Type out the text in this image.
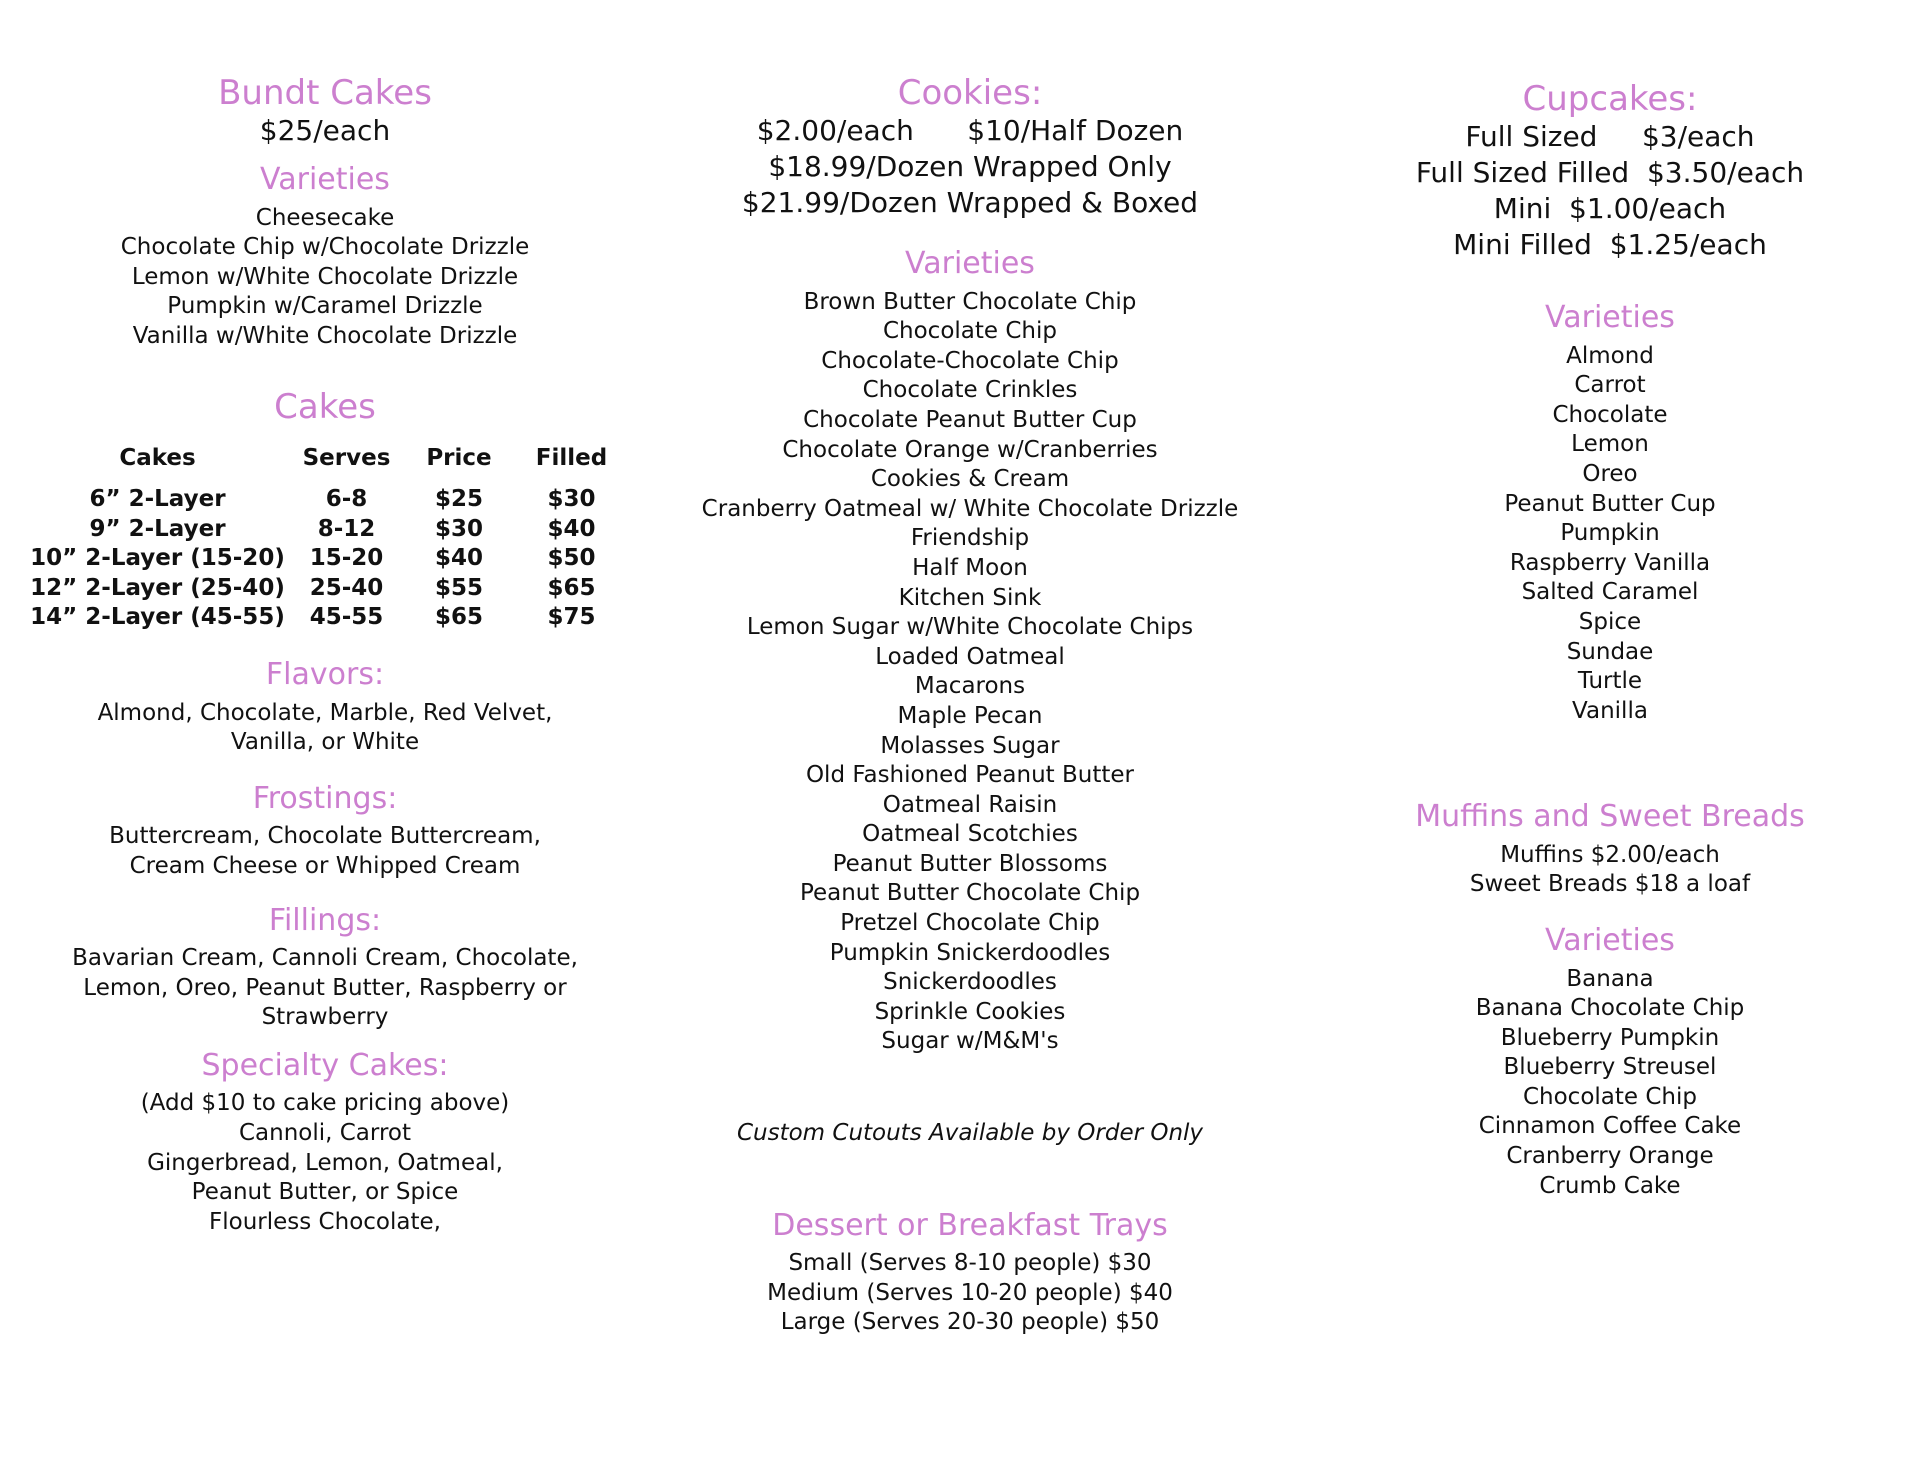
Bundt Cakes

$25/each

Varieties

Cheesecake

Chocolate Chip w/Chocolate Drizzle

Lemon w/White Chocolate Drizzle

Pumpkin w/Caramel Drizzle

Vanilla w/White Chocolate Drizzle

Cakes
Cakes	Serves	Price	Filled
6” 2-Layer	6-8	$25	$30
9” 2-Layer	8-12	$30	$40
10” 2-Layer (15-20)	15-20	$40	$50
12” 2-Layer (25-40)	25-40	$55	$65
14” 2-Layer (45-55)	45-55	$65	$75
Flavors:

Almond, Chocolate, Marble, Red Velvet,

Vanilla, or White

Frostings:

Buttercream, Chocolate Buttercream,

Cream Cheese or Whipped Cream

Fillings:

Bavarian Cream, Cannoli Cream, Chocolate,

Lemon, Oreo, Peanut Butter, Raspberry or

Strawberry

Specialty Cakes:

(Add $10 to cake pricing above)

Cannoli, Carrot

Gingerbread, Lemon, Oatmeal,

Peanut Butter, or Spice

Flourless Chocolate,

Cookies:

$2.00/each      $10/Half Dozen

$18.99/Dozen Wrapped Only

$21.99/Dozen Wrapped & Boxed

Varieties

Brown Butter Chocolate Chip

Chocolate Chip

Chocolate-Chocolate Chip

Chocolate Crinkles

Chocolate Peanut Butter Cup

Chocolate Orange w/Cranberries

Cookies & Cream

Cranberry Oatmeal w/ White Chocolate Drizzle

Friendship

Half Moon

Kitchen Sink

Lemon Sugar w/White Chocolate Chips

Loaded Oatmeal

Macarons

Maple Pecan

Molasses Sugar

Old Fashioned Peanut Butter

Oatmeal Raisin

Oatmeal Scotchies

Peanut Butter Blossoms

Peanut Butter Chocolate Chip

Pretzel Chocolate Chip

Pumpkin Snickerdoodles

Snickerdoodles

Sprinkle Cookies

Sugar w/M&M's

Custom Cutouts Available by Order Only

Dessert or Breakfast Trays

Small (Serves 8-10 people) $30

Medium (Serves 10-20 people) $40

Large (Serves 20-30 people) $50

Cupcakes:

Full Sized     $3/each

Full Sized Filled  $3.50/each

Mini  $1.00/each

Mini Filled  $1.25/each

Varieties

Almond

Carrot

Chocolate

Lemon

Oreo

Peanut Butter Cup

Pumpkin

Raspberry Vanilla

Salted Caramel

Spice

Sundae

Turtle

Vanilla

Muffins and Sweet Breads

Muffins $2.00/each

Sweet Breads $18 a loaf

Varieties

Banana

Banana Chocolate Chip

Blueberry Pumpkin

Blueberry Streusel

Chocolate Chip

Cinnamon Coffee Cake

Cranberry Orange

Crumb Cake
